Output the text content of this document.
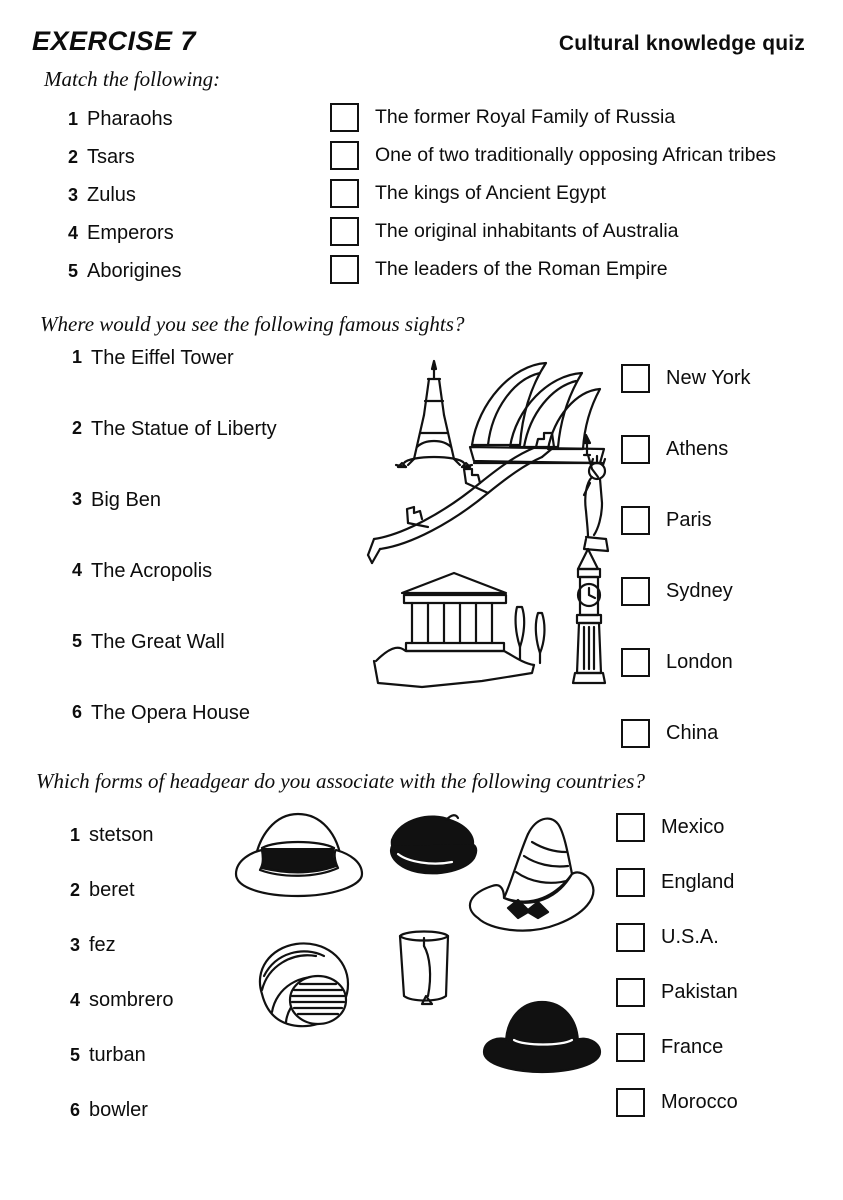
EXERCISE 7	Cultural knowledge quiz
Match the following:
1 Pharaohs
2 Tsars
3 Zulus
4 Emperors
5 Aborigines
The former Royal Family of Russia
One of two traditionally opposing African tribes
The kings of Ancient Egypt
The original inhabitants of Australia
The leaders of the Roman Empire
Where would you see the following famous sights?
1 The Eiffel Tower
2 The Statue of Liberty
3 Big Ben
4 The Acropolis
5 The Great Wall
6 The Opera House
New York
Athens
Paris
Sydney
London
China
Which forms of headgear do you associate with the following countries?
1 stetson
2 beret
3 fez
4 sombrero
5 turban
6 bowler
Mexico
England
U.S.A.
Pakistan
France
Morocco
